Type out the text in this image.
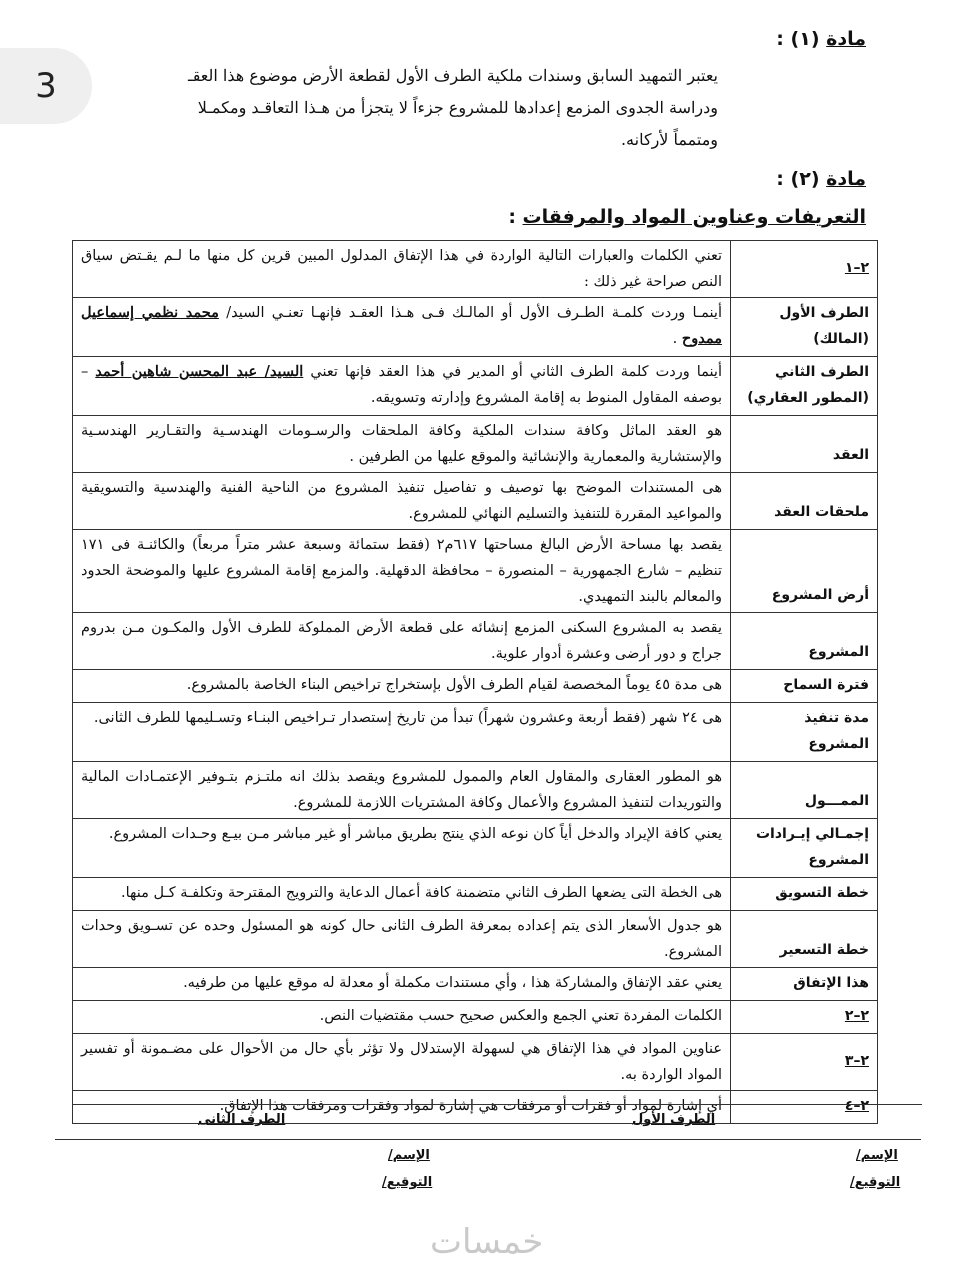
3
مادة (١) :
يعتبر التمهيد السابق وسندات ملكية الطرف الأول لقطعة الأرض موضوع هذا العقـ
ودراسة الجدوى المزمع إعدادها للمشروع جزءاً لا يتجزأ من هـذا التعاقـد ومكمـلا
ومتمماً لأركانه.
مادة (٢) :
التعريفات وعناوين المواد والمرفقات :
٢–١	تعني الكلمات والعبارات التالية الواردة في هذا الإتفاق المدلول المبين قرين كل منها ما لـم يقـتض سياق النص صراحة غير ذلك :
الطرف الأول (المالك)	أينمـا وردت كلمـة الطـرف الأول أو المالـك فـى هـذا العقـد فإنهـا تعنـي السيد/ محمد نظمي إسماعيل ممدوح .
الطرف الثاني (المطور العقاري)	أينما وردت كلمة الطرف الثاني أو المدير في هذا العقد فإنها تعني السيد/ عبد المحسن شاهين أحمد – بوصفه المقاول المنوط به إقامة المشروع وإدارته وتسويقه.
العقد	هو العقد الماثل وكافة سندات الملكية وكافة الملحقات والرسـومات الهندسـية والتقـارير الهندسـية والإستشارية والمعمارية والإنشائية والموقع عليها من الطرفين .
ملحقات العقد	هى المستندات الموضح بها توصيف و تفاصيل تنفيذ المشروع من الناحية الفنية والهندسية والتسويقية والمواعيد المقررة للتنفيذ والتسليم النهائي للمشروع.
أرض المشروع	يقصد بها مساحة الأرض البالغ مساحتها ٦١٧م٢ (فقط ستمائة وسبعة عشر متراً مربعاً) والكائنـة فى ١٧١ تنظيم – شارع الجمهورية – المنصورة – محافظة الدقهلية. والمزمع إقامة المشروع عليها والموضحة الحدود والمعالم بالبند التمهيدي.
المشروع	يقصد به المشروع السكنى المزمع إنشائه على قطعة الأرض المملوكة للطرف الأول والمكـون مـن بدروم جراج و دور أرضى وعشرة أدوار علوية.
فترة السماح	هى مدة ٤٥ يوماً المخصصة لقيام الطرف الأول بإستخراج تراخيص البناء الخاصة بالمشروع.
مدة تنفيذ المشروع	هى ٢٤ شهر (فقط أربعة وعشرون شهراً) تبدأ من تاريخ إستصدار تـراخيص البنـاء وتسـليمها للطرف الثانى.
الممـــول	هو المطور العقارى والمقاول العام والممول للمشروع ويقصد بذلك انه ملتـزم بتـوفير الإعتمـادات المالية والتوريدات لتنفيذ المشروع والأعمال وكافة المشتريات اللازمة للمشروع.
إجمـالي إيـرادات المشروع	يعني كافة الإيراد والدخل أياً كان نوعه الذي ينتج بطريق مباشر أو غير مباشر مـن بيـع وحـدات المشروع.
خطة التسويق	هى الخطة التى يضعها الطرف الثاني متضمنة كافة أعمال الدعاية والترويج المقترحة وتكلفـة كـل منها.
خطة التسعير	هو جدول الأسعار الذى يتم إعداده بمعرفة الطرف الثانى حال كونه هو المسئول وحده عن تسـويق وحدات المشروع.
هذا الإتفاق	يعني عقد الإتفاق والمشاركة هذا ، وأي مستندات مكملة أو معدلة له موقع عليها من طرفيه.
٢–٢	الكلمات المفردة تعني الجمع والعكس صحيح حسب مقتضيات النص.
٢–٣	عناوين المواد في هذا الإتفاق هي لسهولة الإستدلال ولا تؤثر بأي حال من الأحوال على مضـمونة أو تفسير المواد الواردة به.
٢–٤	أي إشارة لمواد أو فقرات أو مرفقات هي إشارة لمواد وفقرات ومرفقات هذا الإتفاق.
الطرف الثانى	الطرف الأول
الإسم/
التوقيع/
الإسم/
التوقيع/
خمسات
